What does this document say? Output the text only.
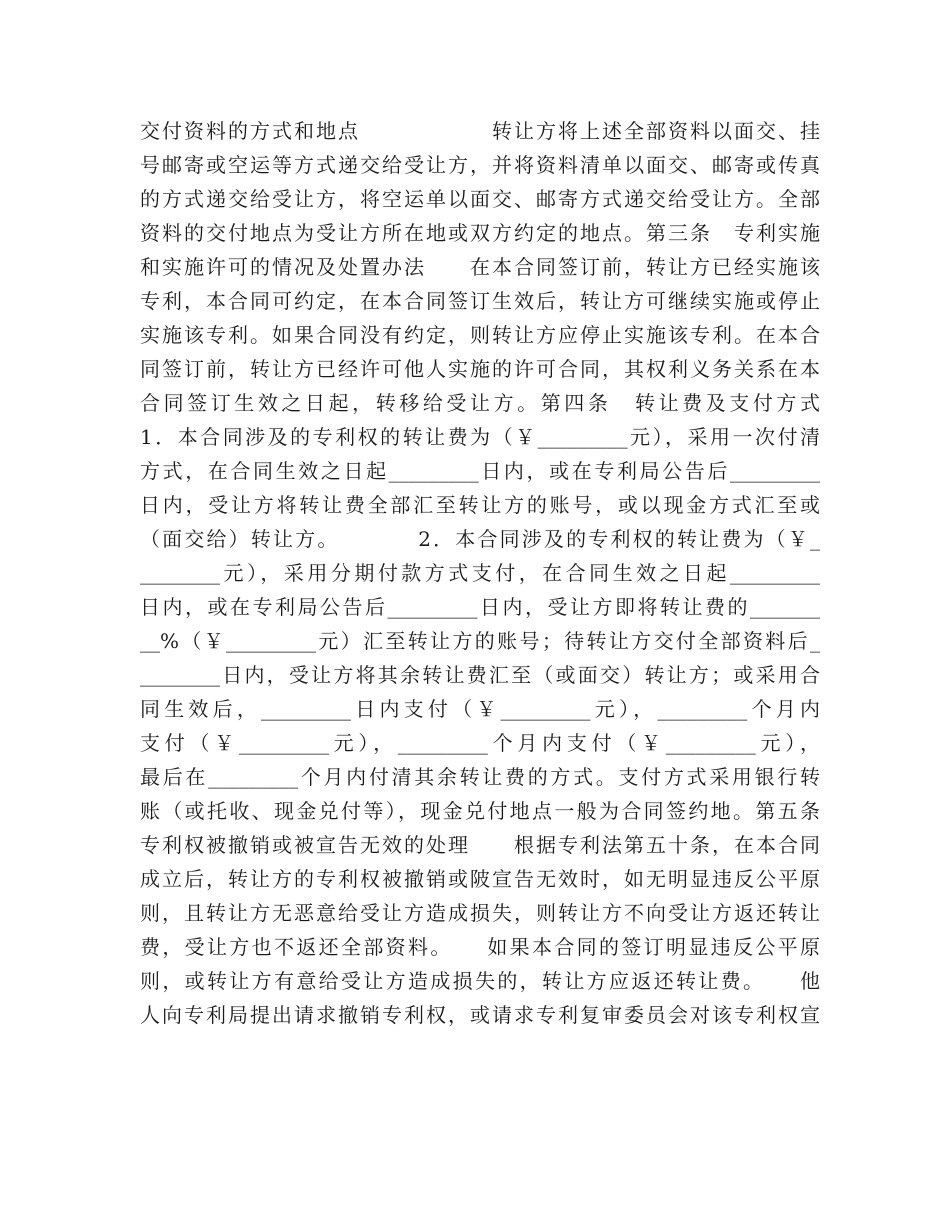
交付资料的方式和地点　　　　　　转让方将上述全部资料以面交、挂
号邮寄或空运等方式递交给受让方，并将资料清单以面交、邮寄或传真
的方式递交给受让方，将空运单以面交、邮寄方式递交给受让方。全部
资料的交付地点为受让方所在地或双方约定的地点。第三条　专利实施
和实施许可的情况及处置办法　　在本合同签订前，转让方已经实施该
专利，本合同可约定，在本合同签订生效后，转让方可继续实施或停止
实施该专利。如果合同没有约定，则转让方应停止实施该专利。在本合
同签订前，转让方已经许可他人实施的许可合同，其权利义务关系在本
合同签订生效之日起，转移给受让方。第四条　转让费及支付方式
1．本合同涉及的专利权的转让费为（￥_________元），采用一次付清
方式，在合同生效之日起_________日内，或在专利局公告后_________
日内，受让方将转让费全部汇至转让方的账号，或以现金方式汇至或
（面交给）转让方。　　　　2．本合同涉及的专利权的转让费为（￥_
________元），采用分期付款方式支付，在合同生效之日起_________
日内，或在专利局公告后_________日内，受让方即将转让费的_______
__%（￥_________元）汇至转让方的账号；待转让方交付全部资料后_
________日内，受让方将其余转让费汇至（或面交）转让方；或采用合
同生效后，_________日内支付（￥_________元），_________个月内
支付（￥_________元），_________个月内支付（￥_________元），
最后在_________个月内付清其余转让费的方式。支付方式采用银行转
账（或托收、现金兑付等），现金兑付地点一般为合同签约地。第五条
专利权被撤销或被宣告无效的处理　　根据专利法第五十条，在本合同
成立后，转让方的专利权被撤销或陂宣告无效时，如无明显违反公平原
则，且转让方无恶意给受让方造成损失，则转让方不向受让方返还转让
费，受让方也不返还全部资料。　　如果本合同的签订明显违反公平原
则，或转让方有意给受让方造成损失的，转让方应返还转让费。　　他
人向专利局提出请求撤销专利权，或请求专利复审委员会对该专利权宣
